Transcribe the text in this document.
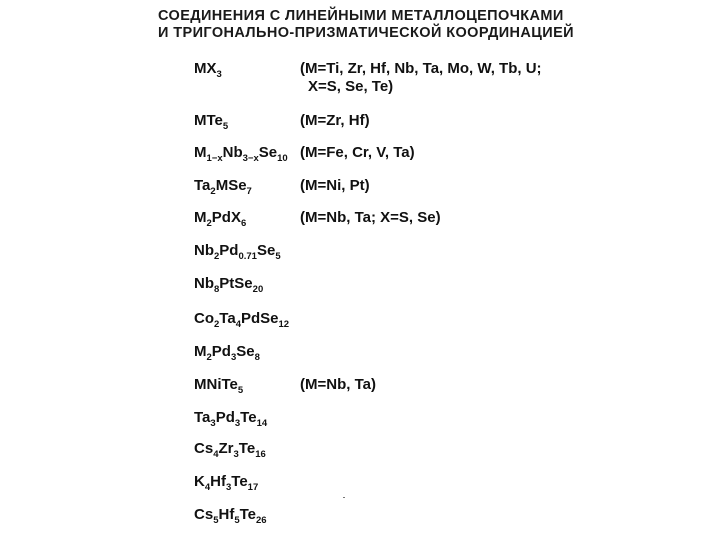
СОЕДИНЕНИЯ С ЛИНЕЙНЫМИ МЕТАЛЛОЦЕПОЧКАМИ
И ТРИГОНАЛЬНО-ПРИЗМАТИЧЕСКОЙ КООРДИНАЦИЕЙ
$MX_3$	(M=Ti, Zr, Hf, Nb, Ta, Mo, W, Tb, U;
X=S, Se, Te)
MTe$_5$	(M=Zr, Hf)
$M_{1-x}Nb_{3-x}Se_{10}$ (M=Fe, Cr, V, Ta)
$Ta_2MSe_7$	(M=Ni, Pt)
$M_2PdX_6$	(M=Nb, Ta; X=S, Se)
$Nb_2Pd_{0.71}Se_5$
$Nb_8PtSe_{20}$
$Co_2Ta_4PdSe_{12}$
$M_2Pd_3Se_8$
MNiTe$_5$	(M=Nb, Ta)
$Ta_3Pd_3Te_{14}$
$Cs_4Zr_3Te_{16}$
$K_4Hf_3Te_{17}$
$Cs_5Hf_5Te_{26}$
